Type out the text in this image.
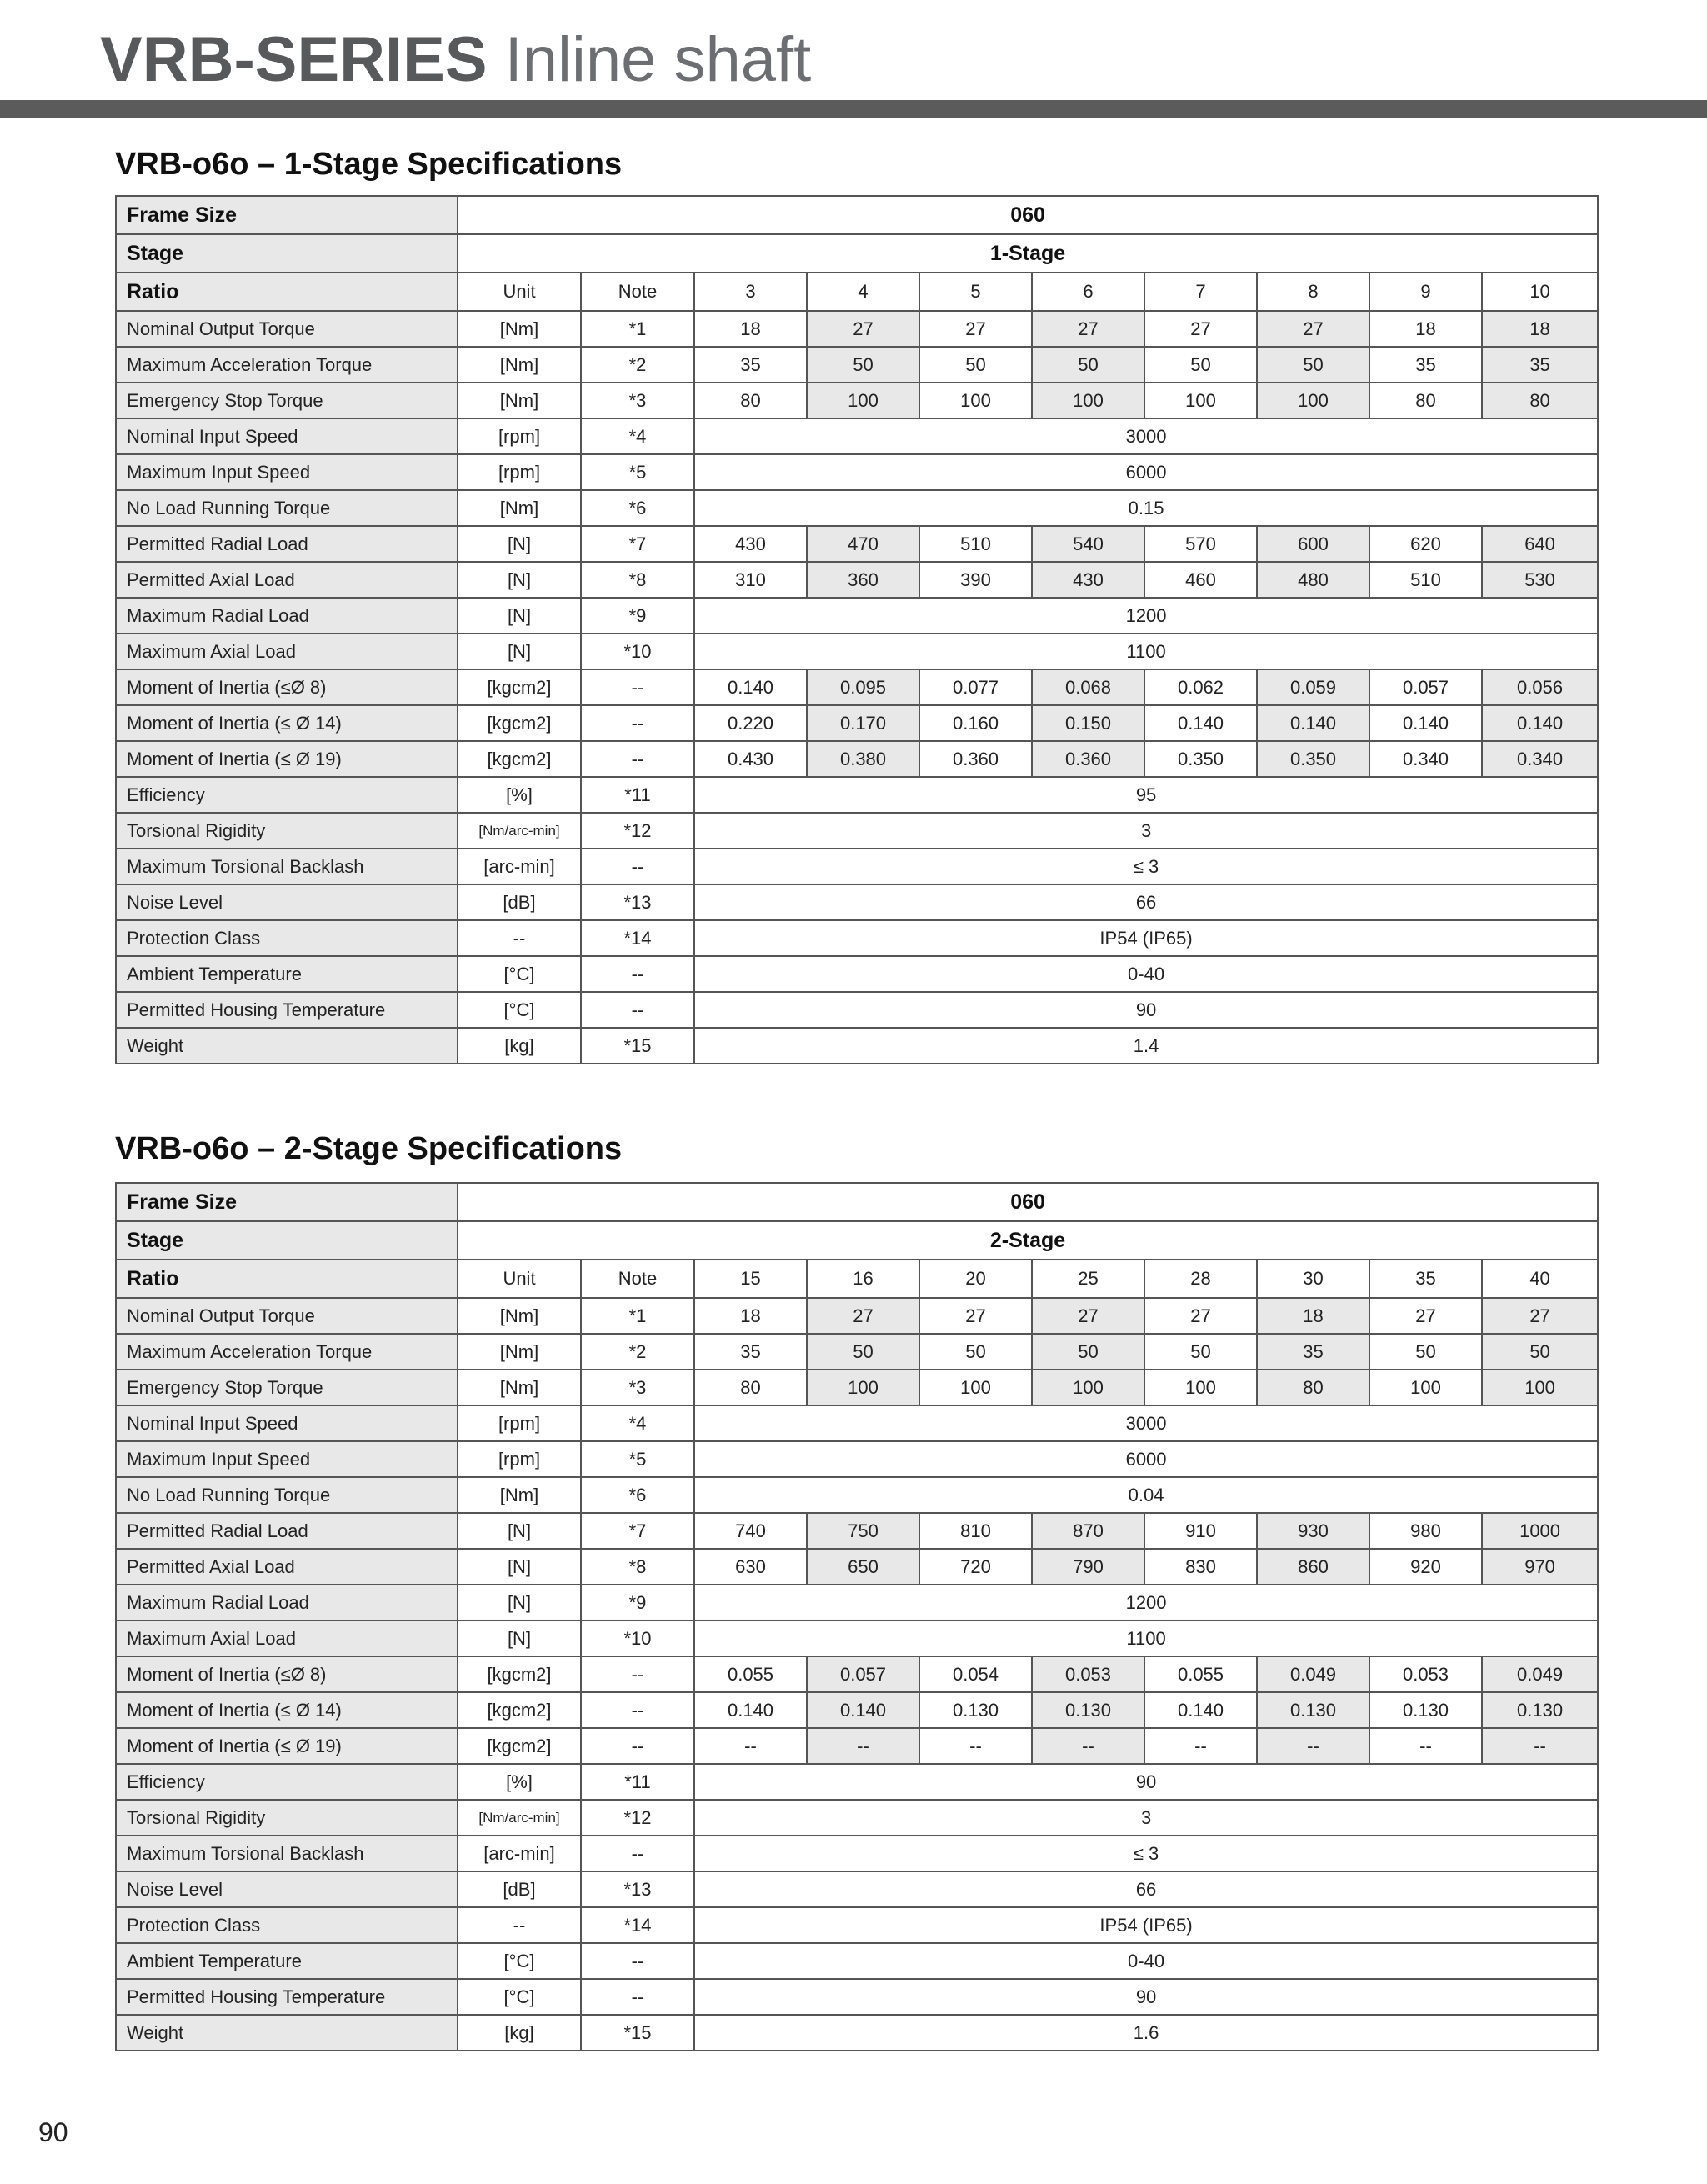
VRB-SERIES Inline shaft
VRB-o6o – 1-Stage Specifications
Frame Size	060									
Stage	1-Stage									
Ratio	Unit	Note	3	4	5	6	7	8	9	10
Nominal Output Torque	[Nm]	*1	18	27	27	27	27	27	18	18
Maximum Acceleration Torque	[Nm]	*2	35	50	50	50	50	50	35	35
Emergency Stop Torque	[Nm]	*3	80	100	100	100	100	100	80	80
Nominal Input Speed	[rpm]	*4	3000							
Maximum Input Speed	[rpm]	*5	6000							
No Load Running Torque	[Nm]	*6	0.15							
Permitted Radial Load	[N]	*7	430	470	510	540	570	600	620	640
Permitted Axial Load	[N]	*8	310	360	390	430	460	480	510	530
Maximum Radial Load	[N]	*9	1200							
Maximum Axial Load	[N]	*10	1100							
Moment of Inertia (≤Ø 8)	[kgcm2]	--	0.140	0.095	0.077	0.068	0.062	0.059	0.057	0.056
Moment of Inertia (≤ Ø 14)	[kgcm2]	--	0.220	0.170	0.160	0.150	0.140	0.140	0.140	0.140
Moment of Inertia (≤ Ø 19)	[kgcm2]	--	0.430	0.380	0.360	0.360	0.350	0.350	0.340	0.340
Efficiency	[%]	*11	95							
Torsional Rigidity	[Nm/arc-min]	*12	3							
Maximum Torsional Backlash	[arc-min]	--	≤ 3							
Noise Level	[dB]	*13	66							
Protection Class	--	*14	IP54 (IP65)							
Ambient Temperature	[°C]	--	0-40							
Permitted Housing Temperature	[°C]	--	90							
Weight	[kg]	*15	1.4							
VRB-o6o – 2-Stage Specifications
Frame Size	060									
Stage	2-Stage									
Ratio	Unit	Note	15	16	20	25	28	30	35	40
Nominal Output Torque	[Nm]	*1	18	27	27	27	27	18	27	27
Maximum Acceleration Torque	[Nm]	*2	35	50	50	50	50	35	50	50
Emergency Stop Torque	[Nm]	*3	80	100	100	100	100	80	100	100
Nominal Input Speed	[rpm]	*4	3000							
Maximum Input Speed	[rpm]	*5	6000							
No Load Running Torque	[Nm]	*6	0.04							
Permitted Radial Load	[N]	*7	740	750	810	870	910	930	980	1000
Permitted Axial Load	[N]	*8	630	650	720	790	830	860	920	970
Maximum Radial Load	[N]	*9	1200							
Maximum Axial Load	[N]	*10	1100							
Moment of Inertia (≤Ø 8)	[kgcm2]	--	0.055	0.057	0.054	0.053	0.055	0.049	0.053	0.049
Moment of Inertia (≤ Ø 14)	[kgcm2]	--	0.140	0.140	0.130	0.130	0.140	0.130	0.130	0.130
Moment of Inertia (≤ Ø 19)	[kgcm2]	--	--	--	--	--	--	--	--	--
Efficiency	[%]	*11	90							
Torsional Rigidity	[Nm/arc-min]	*12	3							
Maximum Torsional Backlash	[arc-min]	--	≤ 3							
Noise Level	[dB]	*13	66							
Protection Class	--	*14	IP54 (IP65)							
Ambient Temperature	[°C]	--	0-40							
Permitted Housing Temperature	[°C]	--	90							
Weight	[kg]	*15	1.6							
90
